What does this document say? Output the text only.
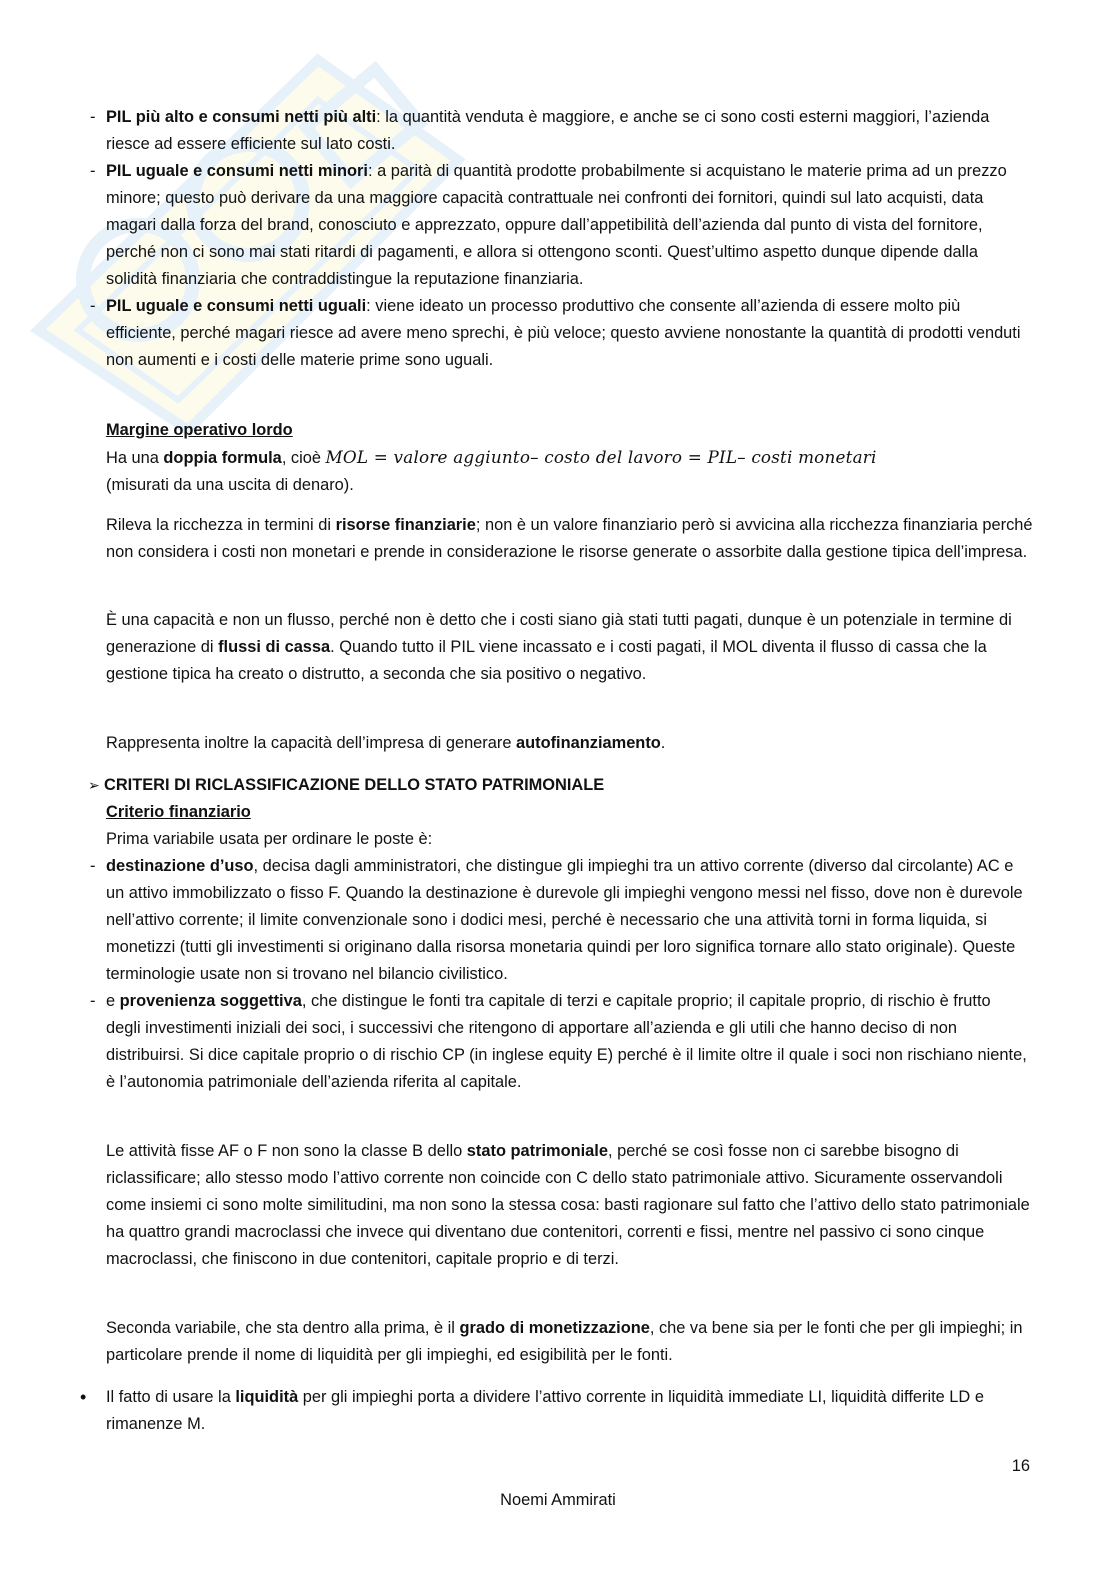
- PIL più alto e consumi netti più alti: la quantità venduta è maggiore, e anche se ci sono costi esterni maggiori, l’azienda riesce ad essere efficiente sul lato costi.

- PIL uguale e consumi netti minori: a parità di quantità prodotte probabilmente si acquistano le materie prima ad un prezzo minore; questo può derivare da una maggiore capacità contrattuale nei confronti dei fornitori, quindi sul lato acquisti, data magari dalla forza del brand, conosciuto e apprezzato, oppure dall’appetibilità dell’azienda dal punto di vista del fornitore, perché non ci sono mai stati ritardi di pagamenti, e allora si ottengono sconti. Quest’ultimo aspetto dunque dipende dalla solidità finanziaria che contraddistingue la reputazione finanziaria.

- PIL uguale e consumi netti uguali: viene ideato un processo produttivo che consente all’azienda di essere molto più efficiente, perché magari riesce ad avere meno sprechi, è più veloce; questo avviene nonostante la quantità di prodotti venduti non aumenti e i costi delle materie prime sono uguali.

Margine operativo lordo

Ha una doppia formula, cioè MOL = valore aggiunto– costo del lavoro = PIL– costi monetari
(misurati da una uscita di denaro).

Rileva la ricchezza in termini di risorse finanziarie; non è un valore finanziario però si avvicina alla ricchezza finanziaria perché non considera i costi non monetari e prende in considerazione le risorse generate o assorbite dalla gestione tipica dell’impresa.

È una capacità e non un flusso, perché non è detto che i costi siano già stati tutti pagati, dunque è un potenziale in termine di generazione di flussi di cassa. Quando tutto il PIL viene incassato e i costi pagati, il MOL diventa il flusso di cassa che la gestione tipica ha creato o distrutto, a seconda che sia positivo o negativo.

Rappresenta inoltre la capacità dell’impresa di generare autofinanziamento.

➢ CRITERI DI RICLASSIFICAZIONE DELLO STATO PATRIMONIALE

Criterio finanziario

Prima variabile usata per ordinare le poste è:

- destinazione d’uso, decisa dagli amministratori, che distingue gli impieghi tra un attivo corrente (diverso dal circolante) AC e un attivo immobilizzato o fisso F. Quando la destinazione è durevole gli impieghi vengono messi nel fisso, dove non è durevole nell’attivo corrente; il limite convenzionale sono i dodici mesi, perché è necessario che una attività torni in forma liquida, si monetizzi (tutti gli investimenti si originano dalla risorsa monetaria quindi per loro significa tornare allo stato originale). Queste terminologie usate non si trovano nel bilancio civilistico.

- e provenienza soggettiva, che distingue le fonti tra capitale di terzi e capitale proprio; il capitale proprio, di rischio è frutto degli investimenti iniziali dei soci, i successivi che ritengono di apportare all’azienda e gli utili che hanno deciso di non distribuirsi. Si dice capitale proprio o di rischio CP (in inglese equity E) perché è il limite oltre il quale i soci non rischiano niente, è l’autonomia patrimoniale dell’azienda riferita al capitale.

Le attività fisse AF o F non sono la classe B dello stato patrimoniale, perché se così fosse non ci sarebbe bisogno di riclassificare; allo stesso modo l’attivo corrente non coincide con C dello stato patrimoniale attivo. Sicuramente osservandoli come insiemi ci sono molte similitudini, ma non sono la stessa cosa: basti ragionare sul fatto che l’attivo dello stato patrimoniale ha quattro grandi macroclassi che invece qui diventano due contenitori, correnti e fissi, mentre nel passivo ci sono cinque macroclassi, che finiscono in due contenitori, capitale proprio e di terzi.

Seconda variabile, che sta dentro alla prima, è il grado di monetizzazione, che va bene sia per le fonti che per gli impieghi; in particolare prende il nome di liquidità per gli impieghi, ed esigibilità per le fonti.

• Il fatto di usare la liquidità per gli impieghi porta a dividere l’attivo corrente in liquidità immediate LI, liquidità differite LD e rimanenze M.

16
Noemi Ammirati
